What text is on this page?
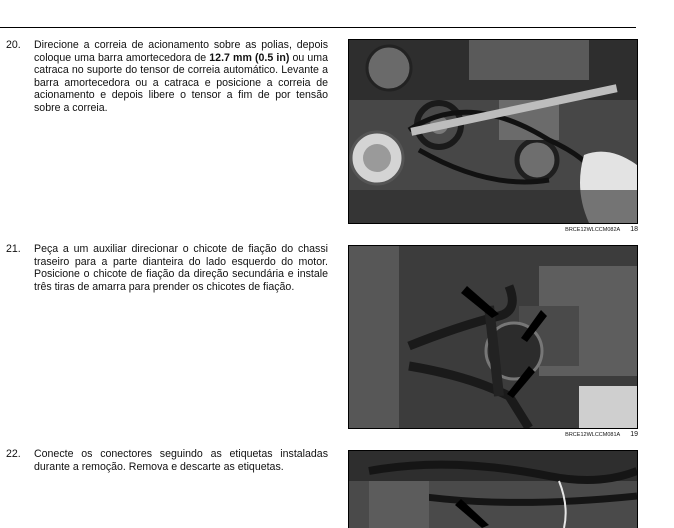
20. Direcione a correia de acionamento sobre as polias, depois coloque uma barra amortecedora de 12.7 mm (0.5 in) ou uma catraca no suporte do tensor de correia automático. Levante a barra amortecedora ou a catraca e posicione a correia de acionamento e depois libere o tensor a fim de por tensão sobre a correia.
BRCE12WLCCM082A 18
21. Peça a um auxiliar direcionar o chicote de fiação do chassi traseiro para a parte dianteira do lado esquerdo do motor. Posicione o chicote de fiação da direção secundária e instale três tiras de amarra para prender os chicotes de fiação.
BRCE12WLCCM081A 19
22. Conecte os conectores seguindo as etiquetas instaladas durante a remoção. Remova e descarte as etiquetas.
